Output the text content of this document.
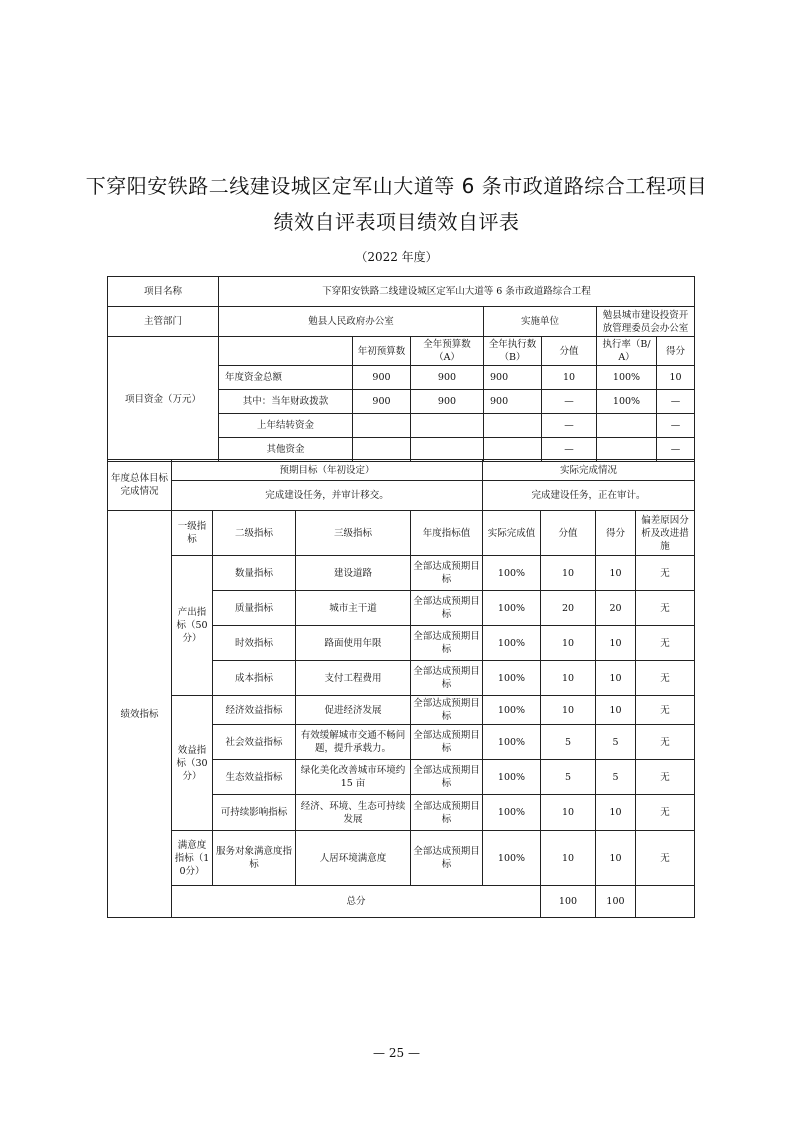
下穿阳安铁路二线建设城区定军山大道等 6 条市政道路综合工程项目
绩效自评表项目绩效自评表
（2022 年度）
项目名称	下穿阳安铁路二线建设城区定军山大道等 6 条市政道路综合工程						
主管部门	勉县人民政府办公室			实施单位		勉县城市建设投资开放管理委员会办公室	
项目资金（万元）		年初预算数	全年预算数（A）	全年执行数（B）	分值	执行率（B/A）	得分
	年度资金总额	900	900	900	10	100%	10
	其中：当年财政拨款	900	900	900	—	100%	—
	上年结转资金				—		—
	其他资金				—		—
年度总体目标完成情况	预期目标（年初设定）	实际完成情况
	完成建设任务，并审计移交。	完成建设任务，正在审计。
绩效指标	一级指标	二级指标	三级指标	年度指标值	实际完成值	分值	得分	偏差原因分析及改进措施
	产出指标（50分）	数量指标	建设道路	全部达成预期目标	100%	10	10	无
		质量指标	城市主干道	全部达成预期目标	100%	20	20	无
		时效指标	路面使用年限	全部达成预期目标	100%	10	10	无
		成本指标	支付工程费用	全部达成预期目标	100%	10	10	无
	效益指标（30分）	经济效益指标	促进经济发展	全部达成预期目标	100%	10	10	无
		社会效益指标	有效缓解城市交通不畅问题，提升承载力。	全部达成预期目标	100%	5	5	无
		生态效益指标	绿化美化改善城市环境约 15 亩	全部达成预期目标	100%	5	5	无
		可持续影响指标	经济、环境、生态可持续发展	全部达成预期目标	100%	10	10	无
	满意度指标（10分）	服务对象满意度指标	人居环境满意度	全部达成预期目标	100%	10	10	无
	总分					100	100	
— 25 —
